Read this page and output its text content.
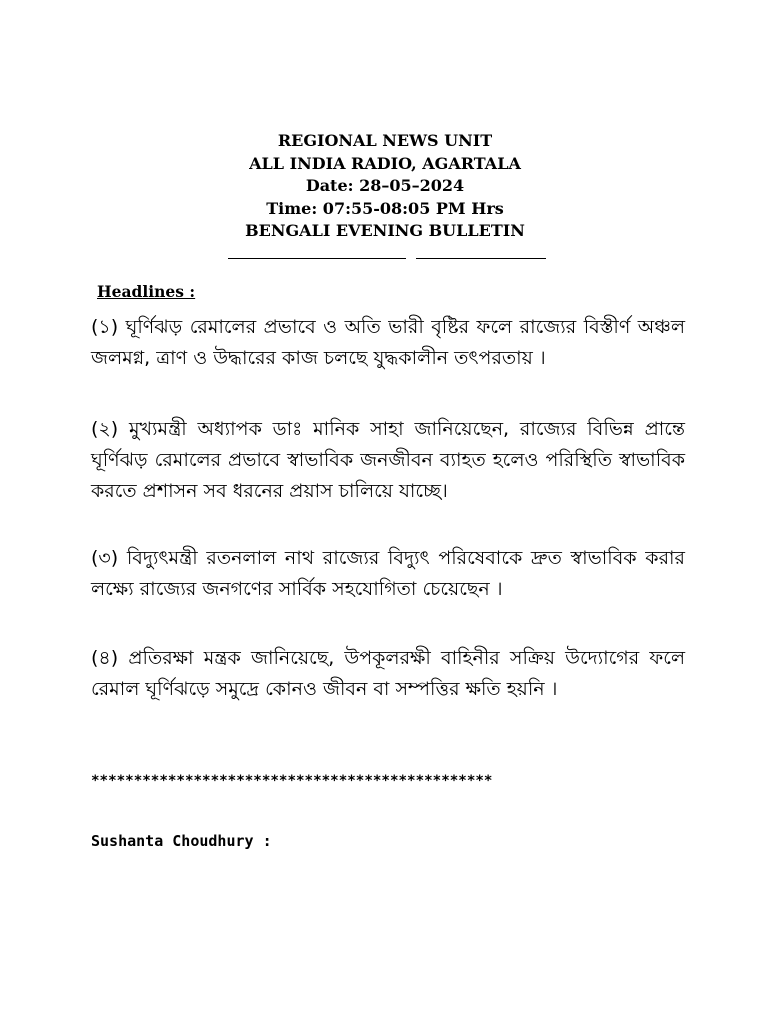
REGIONAL NEWS UNIT
ALL INDIA RADIO, AGARTALA
Date: 28–05–2024
Time: 07:55-08:05 PM Hrs
BENGALI EVENING BULLETIN
Headlines :
(১) ঘূর্ণিঝড় রেমালের প্রভাবে ও অতি ভারী বৃষ্টির ফলে রাজ্যের বিস্তীর্ণ অঞ্চল জলমগ্ন, ত্রাণ ও উদ্ধারের কাজ চলছে যুদ্ধকালীন তৎপরতায় ।
(২) মুখ্যমন্ত্রী অধ্যাপক ডাঃ মানিক সাহা জানিয়েছেন, রাজ্যের বিভিন্ন প্রান্তে ঘূর্ণিঝড় রেমালের প্রভাবে স্বাভাবিক জনজীবন ব্যাহত হলেও পরিস্থিতি স্বাভাবিক করতে প্রশাসন সব ধরনের প্রয়াস চালিয়ে যাচ্ছে।
(৩) বিদ্যুৎমন্ত্রী রতনলাল নাথ রাজ্যের বিদ্যুৎ পরিষেবাকে দ্রুত স্বাভাবিক করার লক্ষ্যে রাজ্যের জনগণের সার্বিক সহযোগিতা চেয়েছেন ।
(৪) প্রতিরক্ষা মন্ত্রক জানিয়েছে, উপকূলরক্ষী বাহিনীর সক্রিয় উদ্যোগের ফলে রেমাল ঘূর্ণিঝড়ে সমুদ্রে কোনও জীবন বা সম্পত্তির ক্ষতি হয়নি ।
***********************************************
Sushanta Choudhury :
